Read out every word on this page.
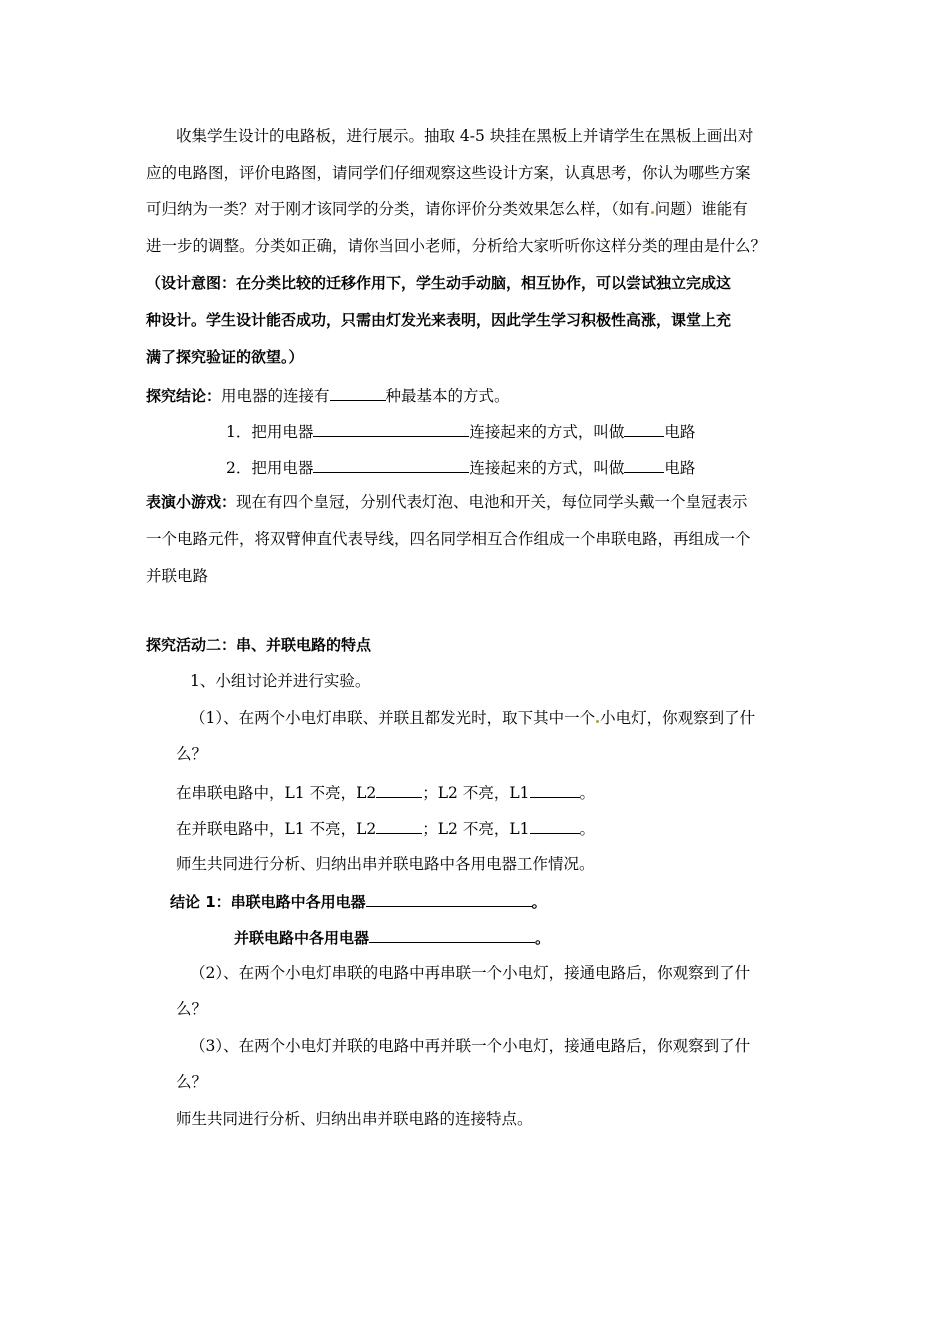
收集学生设计的电路板，进行展示。抽取 4-5 块挂在黑板上并请学生在黑板上画出对
应的电路图，评价电路图，请同学们仔细观察这些设计方案，认真思考，你认为哪些方案
可归纳为一类？对于刚才该同学的分类，请你评价分类效果怎么样，（如有 问题）谁能有
进一步的调整。分类如正确，请你当回小老师，分析给大家听听你这样分类的理由是什么？
（设计意图：在分类比较的迁移作用下，学生动手动脑，相互协作，可以尝试独立完成这
种设计。学生设计能否成功，只需由灯发光来表明，因此学生学习积极性高涨，课堂上充
满了探究验证的欲望。）
探究结论：用电器的连接有	种最基本的方式。
1．把用电器	连接起来的方式，叫做	电路
2．把用电器	连接起来的方式，叫做	电路
表演小游戏：现在有四个皇冠，分别代表灯泡、电池和开关，每位同学头戴一个皇冠表示
一个电路元件，将双臂伸直代表导线，四名同学相互合作组成一个串联电路，再组成一个
并联电路
探究活动二：串、并联电路的特点
1、小组讨论并进行实验。
（1）、在两个小电灯串联、并联且都发光时，取下其中一个 小电灯，你观察到了什
么？
在串联电路中，L1 不亮，L2	；L2 不亮，L1	。
在并联电路中，L1 不亮，L2	；L2 不亮，L1	。
师生共同进行分析、归纳出串并联电路中各用电器工作情况。
结论 1：串联电路中各用电器	。
并联电路中各用电器	。
（2）、在两个小电灯串联的电路中再串联一个小电灯，接通电路后，你观察到了什
么？
（3）、在两个小电灯并联的电路中再并联一个小电灯，接通电路后，你观察到了什
么？
师生共同进行分析、归纳出串并联电路的连接特点。
